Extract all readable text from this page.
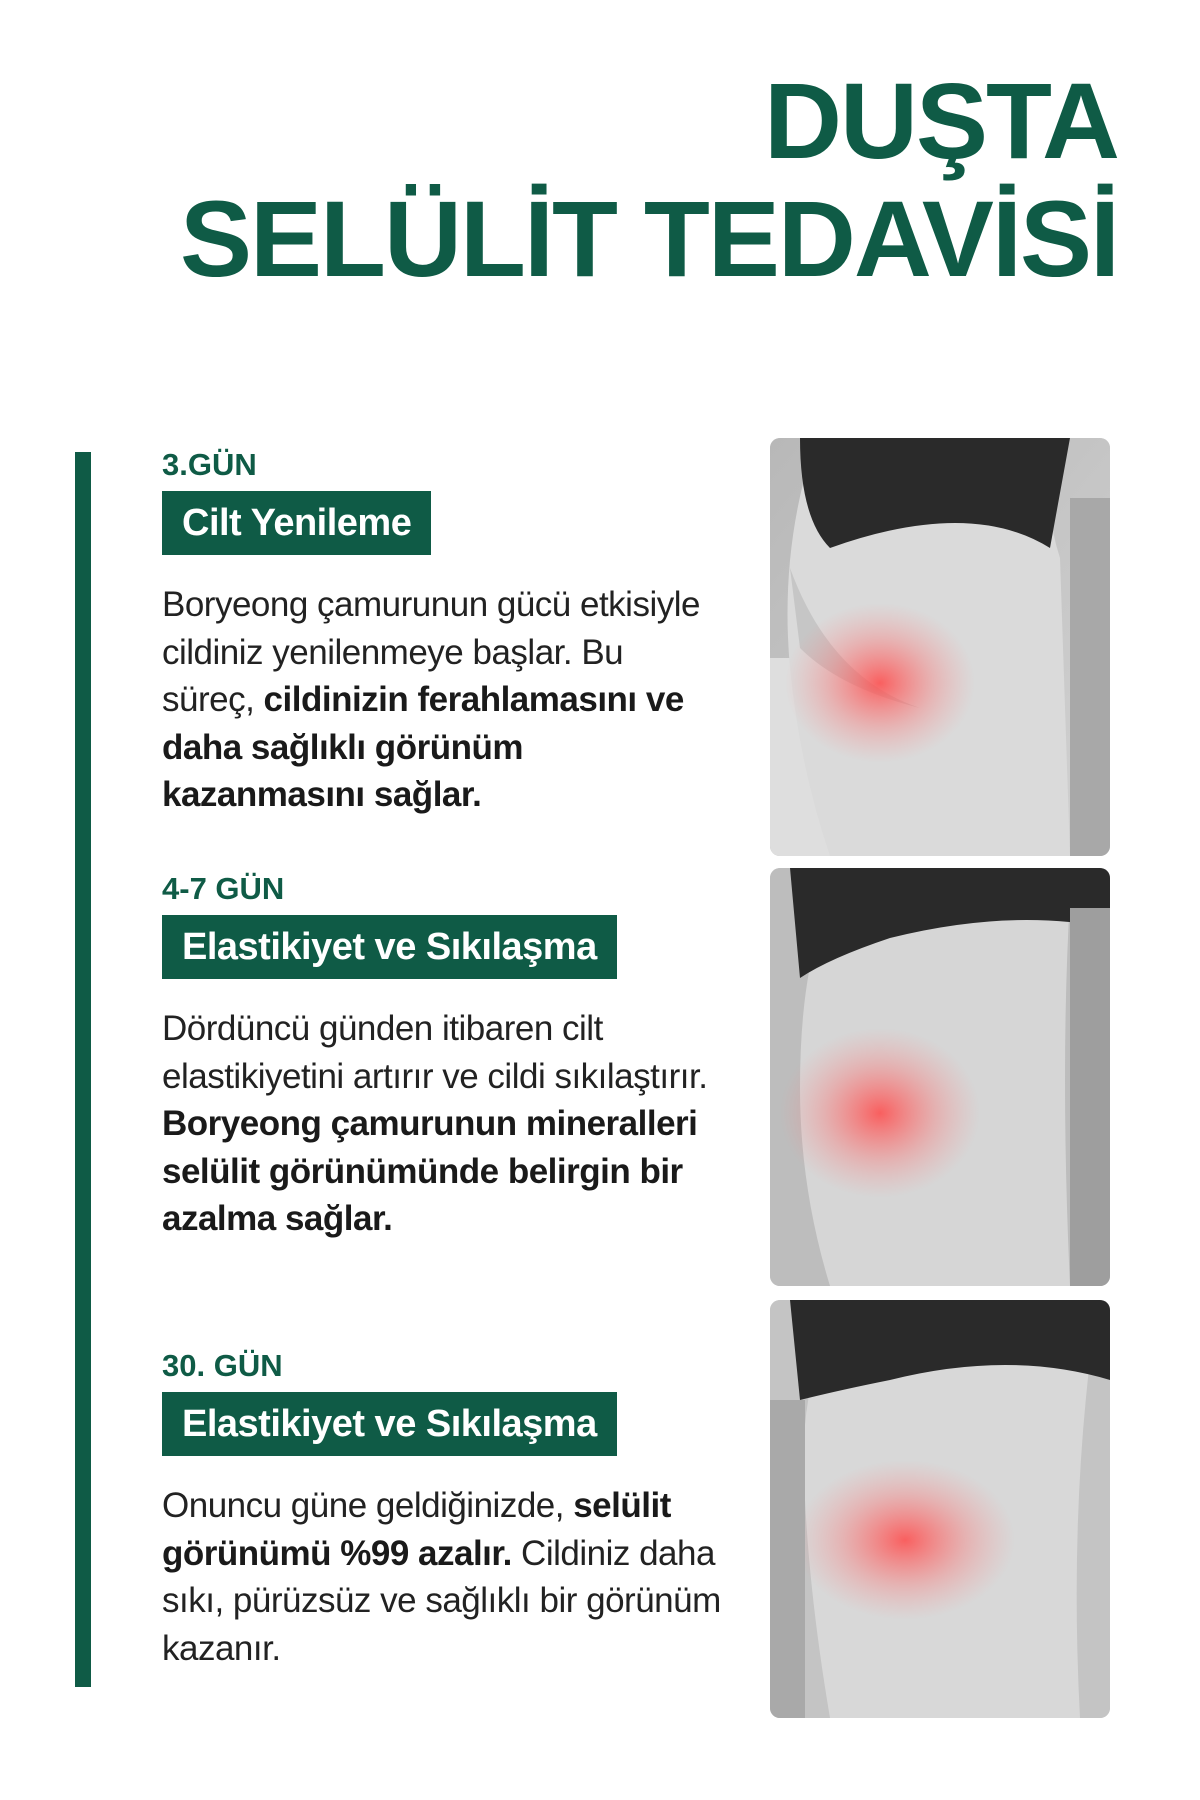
DUŞTA
SELÜLİT TEDAVİSİ
3.GÜN
Cilt Yenileme
Boryeong çamurunun gücü etkisiyle cildiniz yenilenmeye başlar. Bu süreç, cildinizin ferahlamasını ve daha sağlıklı görünüm kazanmasını sağlar.
4-7 GÜN
Elastikiyet ve Sıkılaşma
Dördüncü günden itibaren cilt elastikiyetini artırır ve cildi sıkılaştırır. Boryeong çamurunun mineralleri selülit görünümünde belirgin bir azalma sağlar.
30. GÜN
Elastikiyet ve Sıkılaşma
Onuncu güne geldiğinizde, selülit görünümü %99 azalır. Cildiniz daha sıkı, pürüzsüz ve sağlıklı bir görünüm kazanır.
